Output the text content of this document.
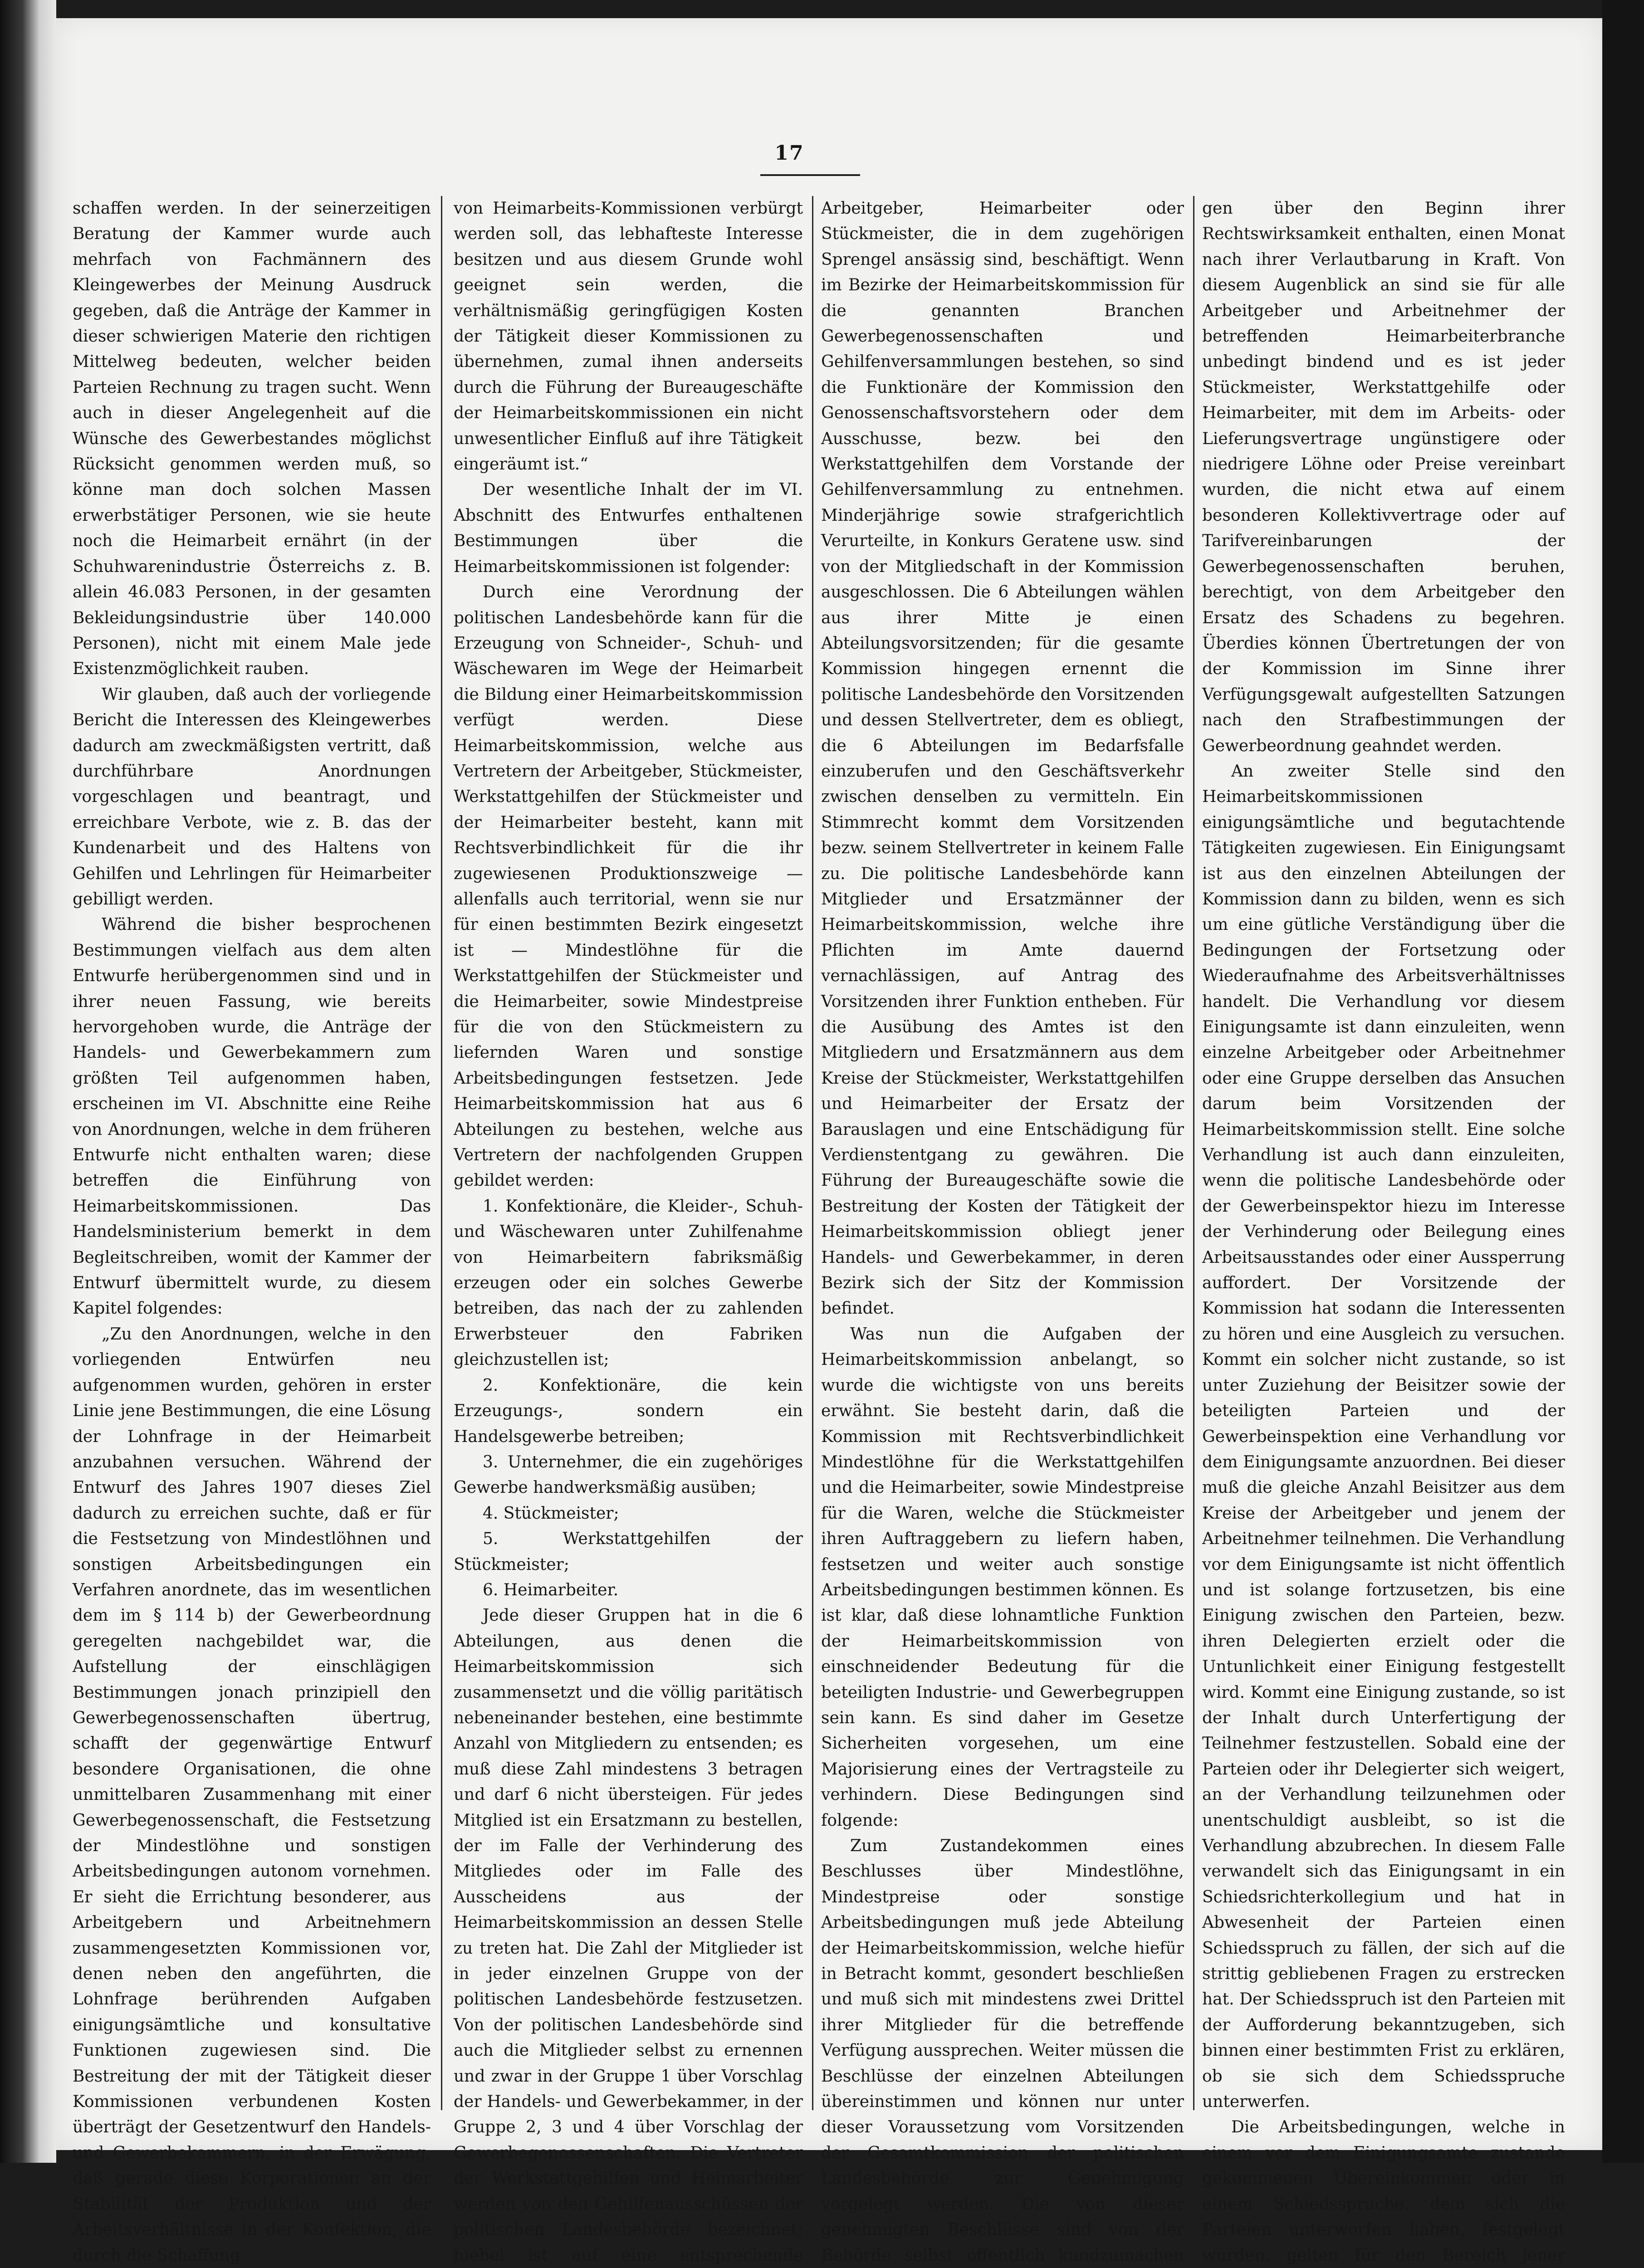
17

schaffen werden. In der seinerzeitigen Beratung der Kammer wurde auch mehrfach von Fachmännern des Kleingewerbes der Meinung Ausdruck gegeben, daß die Anträge der Kammer in dieser schwierigen Materie den richtigen Mittelweg bedeuten, welcher beiden Parteien Rechnung zu tragen sucht. Wenn auch in dieser Angelegenheit auf die Wünsche des Gewerbestandes möglichst Rücksicht genommen werden muß, so könne man doch solchen Massen erwerbstätiger Personen, wie sie heute noch die Heimarbeit ernährt (in der Schuhwarenindustrie Österreichs z. B. allein 46.083 Personen, in der gesamten Bekleidungsindustrie über 140.000 Personen), nicht mit einem Male jede Existenzmöglichkeit rauben.

Wir glauben, daß auch der vorliegende Bericht die Interessen des Kleingewerbes dadurch am zweckmäßigsten vertritt, daß durchführbare Anordnungen vorgeschlagen und beantragt, und erreichbare Verbote, wie z. B. das der Kundenarbeit und des Haltens von Gehilfen und Lehrlingen für Heimarbeiter gebilligt werden.

Während die bisher besprochenen Bestimmungen vielfach aus dem alten Entwurfe herübergenommen sind und in ihrer neuen Fassung, wie bereits hervorgehoben wurde, die Anträge der Handels- und Gewerbekammern zum größten Teil aufgenommen haben, erscheinen im VI. Abschnitte eine Reihe von Anordnungen, welche in dem früheren Entwurfe nicht enthalten waren; diese betreffen die Einführung von Heimarbeitskommissionen. Das Handelsministerium bemerkt in dem Begleitschreiben, womit der Kammer der Entwurf übermittelt wurde, zu diesem Kapitel folgendes:

„Zu den Anordnungen, welche in den vorliegenden Entwürfen neu aufgenommen wurden, gehören in erster Linie jene Bestimmungen, die eine Lösung der Lohnfrage in der Heimarbeit anzubahnen versuchen. Während der Entwurf des Jahres 1907 dieses Ziel dadurch zu erreichen suchte, daß er für die Festsetzung von Mindestlöhnen und sonstigen Arbeitsbedingungen ein Verfahren anordnete, das im wesentlichen dem im § 114 b) der Gewerbeordnung geregelten nachgebildet war, die Aufstellung der einschlägigen Bestimmungen jonach prinzipiell den Gewerbegenossenschaften übertrug, schafft der gegenwärtige Entwurf besondere Organisationen, die ohne unmittelbaren Zusammenhang mit einer Gewerbegenossenschaft, die Festsetzung der Mindestlöhne und sonstigen Arbeitsbedingungen autonom vornehmen. Er sieht die Errichtung besonderer, aus Arbeitgebern und Arbeitnehmern zusammengesetzten Kommissionen vor, denen neben den angeführten, die Lohnfrage berührenden Aufgaben einigungsämtliche und konsultative Funktionen zugewiesen sind. Die Bestreitung der mit der Tätigkeit dieser Kommissionen verbundenen Kosten überträgt der Gesetzentwurf den Handels- und Gewerbekammern, in der Erwägung, daß gerade diese Korporationen an der Stabilität der Produktion und der Arbeitsverhältnisse in der Konfektion, die durch die Schaffung

von Heimarbeits-Kommissionen verbürgt werden soll, das lebhafteste Interesse besitzen und aus diesem Grunde wohl geeignet sein werden, die verhältnismäßig geringfügigen Kosten der Tätigkeit dieser Kommissionen zu übernehmen, zumal ihnen anderseits durch die Führung der Bureaugeschäfte der Heimarbeitskommissionen ein nicht unwesentlicher Einfluß auf ihre Tätigkeit eingeräumt ist.“

Der wesentliche Inhalt der im VI. Abschnitt des Entwurfes enthaltenen Bestimmungen über die Heimarbeitskommissionen ist folgender:

Durch eine Verordnung der politischen Landesbehörde kann für die Erzeugung von Schneider-, Schuh- und Wäschewaren im Wege der Heimarbeit die Bildung einer Heimarbeitskommission verfügt werden. Diese Heimarbeitskommission, welche aus Vertretern der Arbeitgeber, Stückmeister, Werkstattgehilfen der Stückmeister und der Heimarbeiter besteht, kann mit Rechtsverbindlichkeit für die ihr zugewiesenen Produktionszweige — allenfalls auch territorial, wenn sie nur für einen bestimmten Bezirk eingesetzt ist — Mindestlöhne für die Werkstattgehilfen der Stückmeister und die Heimarbeiter, sowie Mindestpreise für die von den Stückmeistern zu liefernden Waren und sonstige Arbeitsbedingungen festsetzen. Jede Heimarbeitskommission hat aus 6 Abteilungen zu bestehen, welche aus Vertretern der nachfolgenden Gruppen gebildet werden:

1. Konfektionäre, die Kleider-, Schuh- und Wäschewaren unter Zuhilfenahme von Heimarbeitern fabriksmäßig erzeugen oder ein solches Gewerbe betreiben, das nach der zu zahlenden Erwerbsteuer den Fabriken gleichzustellen ist;

2. Konfektionäre, die kein Erzeugungs-, sondern ein Handelsgewerbe betreiben;

3. Unternehmer, die ein zugehöriges Gewerbe handwerksmäßig ausüben;

4. Stückmeister;

5. Werkstattgehilfen der Stückmeister;

6. Heimarbeiter.

Jede dieser Gruppen hat in die 6 Abteilungen, aus denen die Heimarbeitskommission sich zusammensetzt und die völlig paritätisch nebeneinander bestehen, eine bestimmte Anzahl von Mitgliedern zu entsenden; es muß diese Zahl mindestens 3 betragen und darf 6 nicht übersteigen. Für jedes Mitglied ist ein Ersatzmann zu bestellen, der im Falle der Verhinderung des Mitgliedes oder im Falle des Ausscheidens aus der Heimarbeitskommission an dessen Stelle zu treten hat. Die Zahl der Mitglieder ist in jeder einzelnen Gruppe von der politischen Landesbehörde festzusetzen. Von der politischen Landesbehörde sind auch die Mitglieder selbst zu ernennen und zwar in der Gruppe 1 über Vorschlag der Handels- und Gewerbekammer, in der Gruppe 2, 3 und 4 über Vorschlag der Gewerbegenossenschaften. Die Vertreter der Werkstattgehilfen und Heimarbeiter werden von den Gehilfenausschüssen der politischen Landesbehörde bezeichnet; hiebei ist auf eine entsprechende

Arbeitgeber, Heimarbeiter oder Stückmeister, die in dem zugehörigen Sprengel ansässig sind, beschäftigt. Wenn im Bezirke der Heimarbeitskommission für die genannten Branchen Gewerbegenossenschaften und Gehilfenversammlungen bestehen, so sind die Funktionäre der Kommission den Genossenschaftsvorstehern oder dem Ausschusse, bezw. bei den Werkstattgehilfen dem Vorstande der Gehilfenversammlung zu entnehmen. Minderjährige sowie strafgerichtlich Verurteilte, in Konkurs Geratene usw. sind von der Mitgliedschaft in der Kommission ausgeschlossen. Die 6 Abteilungen wählen aus ihrer Mitte je einen Abteilungsvorsitzenden; für die gesamte Kommission hingegen ernennt die politische Landesbehörde den Vorsitzenden und dessen Stellvertreter, dem es obliegt, die 6 Abteilungen im Bedarfsfalle einzuberufen und den Geschäftsverkehr zwischen denselben zu vermitteln. Ein Stimmrecht kommt dem Vorsitzenden bezw. seinem Stellvertreter in keinem Falle zu. Die politische Landesbehörde kann Mitglieder und Ersatzmänner der Heimarbeitskommission, welche ihre Pflichten im Amte dauernd vernachlässigen, auf Antrag des Vorsitzenden ihrer Funktion entheben. Für die Ausübung des Amtes ist den Mitgliedern und Ersatzmännern aus dem Kreise der Stückmeister, Werkstattgehilfen und Heimarbeiter der Ersatz der Barauslagen und eine Entschädigung für Verdienstentgang zu gewähren. Die Führung der Bureaugeschäfte sowie die Bestreitung der Kosten der Tätigkeit der Heimarbeitskommission obliegt jener Handels- und Gewerbekammer, in deren Bezirk sich der Sitz der Kommission befindet.

Was nun die Aufgaben der Heimarbeitskommission anbelangt, so wurde die wichtigste von uns bereits erwähnt. Sie besteht darin, daß die Kommission mit Rechtsverbindlichkeit Mindestlöhne für die Werkstattgehilfen und die Heimarbeiter, sowie Mindestpreise für die Waren, welche die Stückmeister ihren Auftraggebern zu liefern haben, festsetzen und weiter auch sonstige Arbeitsbedingungen bestimmen können. Es ist klar, daß diese lohnamtliche Funktion der Heimarbeitskommission von einschneidender Bedeutung für die beteiligten Industrie- und Gewerbegruppen sein kann. Es sind daher im Gesetze Sicherheiten vorgesehen, um eine Majorisierung eines der Vertragsteile zu verhindern. Diese Bedingungen sind folgende:

Zum Zustandekommen eines Beschlusses über Mindestlöhne, Mindestpreise oder sonstige Arbeitsbedingungen muß jede Abteilung der Heimarbeitskommission, welche hiefür in Betracht kommt, gesondert beschließen und muß sich mit mindestens zwei Drittel ihrer Mitglieder für die betreffende Verfügung aussprechen. Weiter müssen die Beschlüsse der einzelnen Abteilungen übereinstimmen und können nur unter dieser Voraussetzung vom Vorsitzenden der Gesamtkommission der politischen Landesbehörde zur Genehmigung vorgelegt werden. Die von dieser genehmigten Beschlüsse sind von der Behörde selbst öffentlich kundzumachen

gen über den Beginn ihrer Rechtswirksamkeit enthalten, einen Monat nach ihrer Verlautbarung in Kraft. Von diesem Augenblick an sind sie für alle Arbeitgeber und Arbeitnehmer der betreffenden Heimarbeiterbranche unbedingt bindend und es ist jeder Stückmeister, Werkstattgehilfe oder Heimarbeiter, mit dem im Arbeits- oder Lieferungsvertrage ungünstigere oder niedrigere Löhne oder Preise vereinbart wurden, die nicht etwa auf einem besonderen Kollektivvertrage oder auf Tarifvereinbarungen der Gewerbegenossenschaften beruhen, berechtigt, von dem Arbeitgeber den Ersatz des Schadens zu begehren. Überdies können Übertretungen der von der Kommission im Sinne ihrer Verfügungsgewalt aufgestellten Satzungen nach den Strafbestimmungen der Gewerbeordnung geahndet werden.

An zweiter Stelle sind den Heimarbeitskommissionen einigungsämtliche und begutachtende Tätigkeiten zugewiesen. Ein Einigungsamt ist aus den einzelnen Abteilungen der Kommission dann zu bilden, wenn es sich um eine gütliche Verständigung über die Bedingungen der Fortsetzung oder Wiederaufnahme des Arbeitsverhältnisses handelt. Die Verhandlung vor diesem Einigungsamte ist dann einzuleiten, wenn einzelne Arbeitgeber oder Arbeitnehmer oder eine Gruppe derselben das Ansuchen darum beim Vorsitzenden der Heimarbeitskommission stellt. Eine solche Verhandlung ist auch dann einzuleiten, wenn die politische Landesbehörde oder der Gewerbeinspektor hiezu im Interesse der Verhinderung oder Beilegung eines Arbeitsausstandes oder einer Aussperrung auffordert. Der Vorsitzende der Kommission hat sodann die Interessenten zu hören und eine Ausgleich zu versuchen. Kommt ein solcher nicht zustande, so ist unter Zuziehung der Beisitzer sowie der beteiligten Parteien und der Gewerbeinspektion eine Verhandlung vor dem Einigungsamte anzuordnen. Bei dieser muß die gleiche Anzahl Beisitzer aus dem Kreise der Arbeitgeber und jenem der Arbeitnehmer teilnehmen. Die Verhandlung vor dem Einigungsamte ist nicht öffentlich und ist solange fortzusetzen, bis eine Einigung zwischen den Parteien, bezw. ihren Delegierten erzielt oder die Untunlichkeit einer Einigung festgestellt wird. Kommt eine Einigung zustande, so ist der Inhalt durch Unterfertigung der Teilnehmer festzustellen. Sobald eine der Parteien oder ihr Delegierter sich weigert, an der Verhandlung teilzunehmen oder unentschuldigt ausbleibt, so ist die Verhandlung abzubrechen. In diesem Falle verwandelt sich das Einigungsamt in ein Schiedsrichterkollegium und hat in Abwesenheit der Parteien einen Schiedsspruch zu fällen, der sich auf die strittig gebliebenen Fragen zu erstrecken hat. Der Schiedsspruch ist den Parteien mit der Aufforderung bekanntzugeben, sich binnen einer bestimmten Frist zu erklären, ob sie sich dem Schiedsspruche unterwerfen.

Die Arbeitsbedingungen, welche in einem vor dem Einigungsamte zustande gekommenen Übereinkommen oder in einem Schiedsspruche, dem sich die Parteien unterworfen haben, festgelegt wurden, gelten für den Bereich jener
